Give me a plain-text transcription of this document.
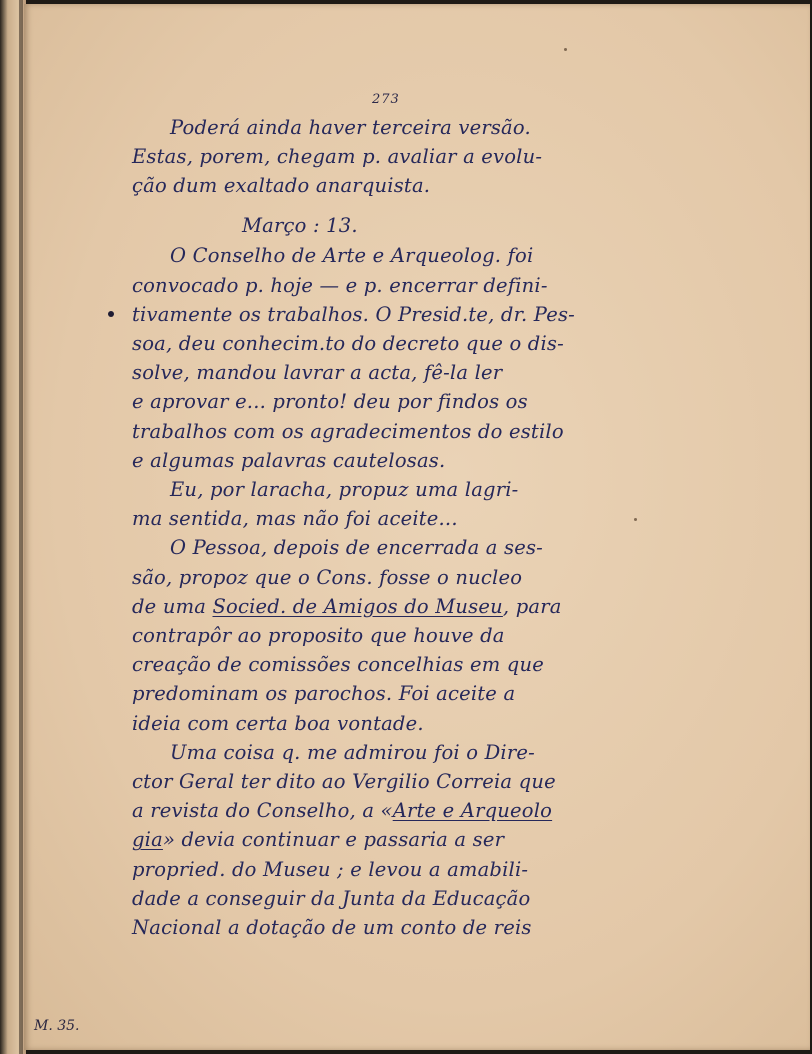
273
Poderá ainda haver terceira versão.
Estas, porem, chegam p. avaliar a evolu-
ção dum exaltado anarquista.
Março : 13.
O Conselho de Arte e Arqueolog. foi
convocado p. hoje — e p. encerrar defini-
tivamente os trabalhos. O Presid.te, dr. Pes-
soa, deu conhecim.to do decreto que o dis-
solve, mandou lavrar a acta, fê-la ler
e aprovar e... pronto! deu por findos os
trabalhos com os agradecimentos do estilo
e algumas palavras cautelosas.
Eu, por laracha, propuz uma lagri-
ma sentida, mas não foi aceite...
O Pessoa, depois de encerrada a ses-
são, propoz que o Cons. fosse o nucleo
de uma Socied. de Amigos do Museu, para
contrapôr ao proposito que houve da
creação de comissões concelhias em que
predominam os parochos. Foi aceite a
ideia com certa boa vontade.
Uma coisa q. me admirou foi o Dire-
ctor Geral ter dito ao Vergilio Correia que
a revista do Conselho, a «Arte e Arqueolo
gia» devia continuar e passaria a ser
propried. do Museu ; e levou a amabili-
dade a conseguir da Junta da Educação
Nacional a dotação de um conto de reis
M. 35.
